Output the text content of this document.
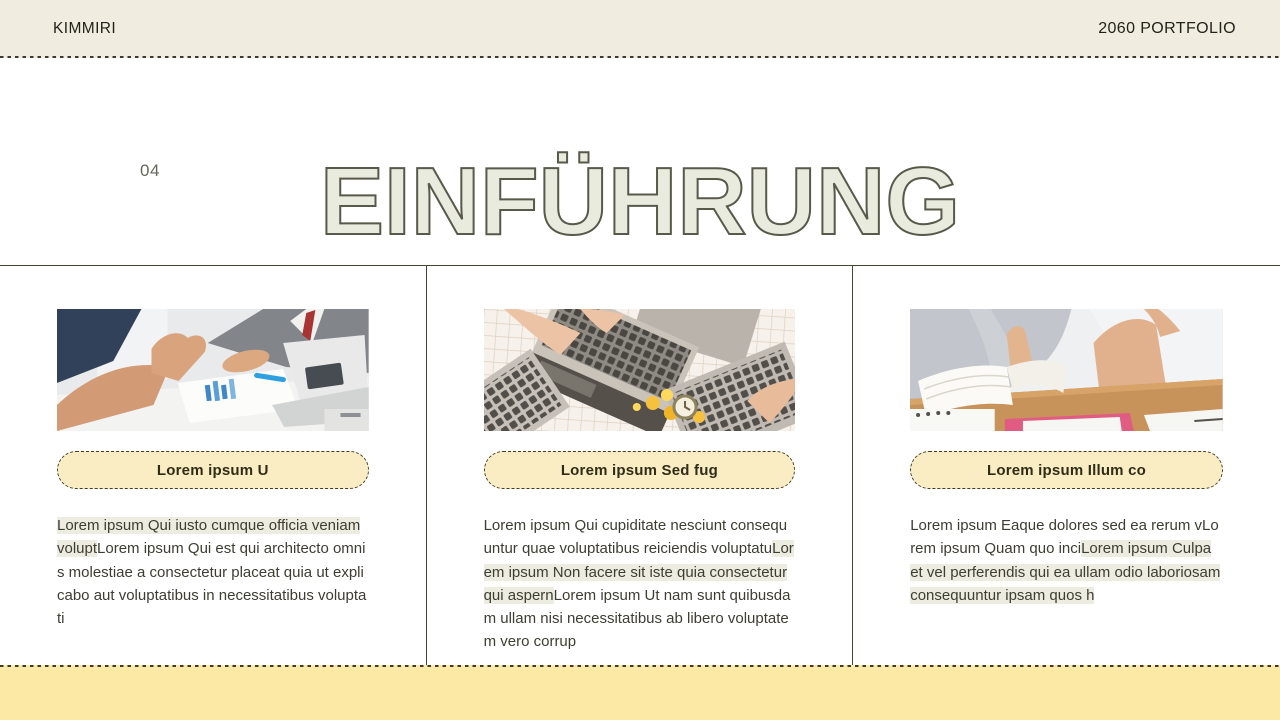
KIMMIRI	2060 PORTFOLIO
04	EINFÜHRUNG

Lorem ipsum U

Lorem ipsum Qui iusto cumque officia veniam voluptLorem ipsum Qui est qui architecto omnis molestiae a consectetur placeat quia ut explicabo aut voluptatibus in necessitatibus voluptati

Lorem ipsum Sed fug

Lorem ipsum Qui cupiditate nesciunt consequuntur quae voluptatibus reiciendis voluptatuLorem ipsum Non facere sit iste quia consectetur qui aspernLorem ipsum Ut nam sunt quibusdam ullam nisi necessitatibus ab libero voluptatem vero corrup

Lorem ipsum Illum co

Lorem ipsum Eaque dolores sed ea rerum vLorem ipsum Quam quo inciLorem ipsum Culpa et vel perferendis qui ea ullam odio laboriosam consequuntur ipsam quos h
